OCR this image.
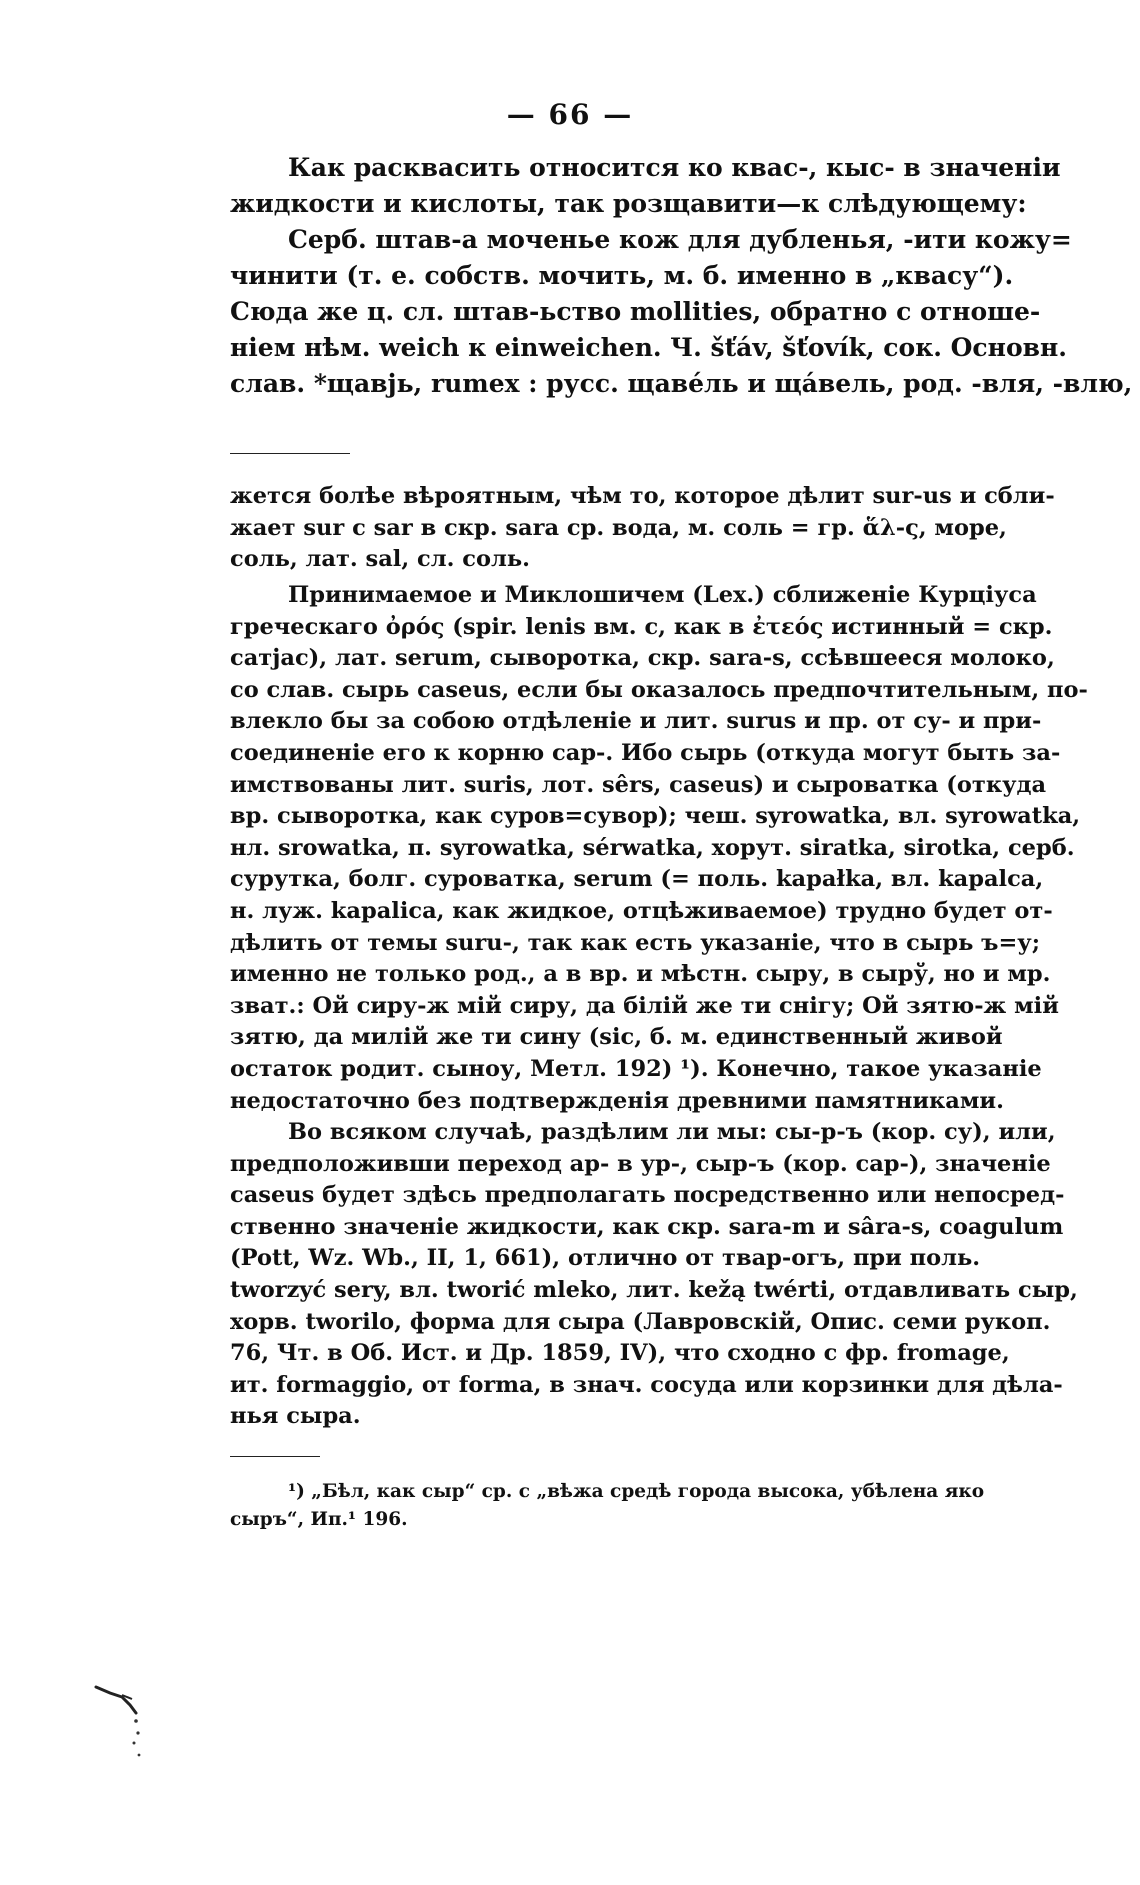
— 66 —
Как расквасить относится ко квас-, кыс- в значеніи
жидкости и кислоты, так розщавити—к слѣдующему:
Серб. штав-а моченье кож для дубленья, -ити кожу=
чинити (т. е. собств. мочить, м. б. именно в „квасу“).
Сюда же ц. сл. штав-ьство mollities, обратно с отноше-
ніем нѣм. weich к einweichen. Ч. šťáv, šťovík, сок. Основн.
слав. *щавјь, rumex : русс. щавéль и щáвель, род. -вля, -влю,
жется болѣе вѣроятным, чѣм то, которое дѣлит sur-us и сбли-
жает sur с sar в скр. sara ср. вода, м. соль = гр. ἅλ-ς, море,
соль, лат. sal, сл. соль.
Принимаемое и Миклошичем (Lex.) сближеніе Курціуса
греческаго ὀρός (spir. lenis вм. с, как в ἐτεός истинный = скр.
сатјас), лат. serum, сыворотка, скр. sara-s, ссѣвшееся молоко,
со слав. сырь caseus, если бы оказалось предпочтительным, по-
влекло бы за собою отдѣленіе и лит. surus и пр. от су- и при-
соединеніе его к корню сар-. Ибо сырь (откуда могут быть за-
имствованы лит. suris, лот. sêrs, caseus) и сыроватка (откуда
вр. сыворотка, как суров=сувор); чеш. syrowatka, вл. syrowatka,
нл. srowatka, п. syrowatka, sérwatka, хорут. siratka, sirotka, серб.
сурутка, болг. суроватка, serum (= поль. kapałka, вл. kapalca,
н. луж. kapalica, как жидкое, отцѣживаемое) трудно будет от-
дѣлить от темы suru-, так как есть указаніе, что в сырь ъ=у;
именно не только род., а в вр. и мѣстн. сыру, в сырў, но и мр.
зват.: Ой сиру-ж мій сиру, да білій же ти снігу; Ой зятю-ж мій
зятю, да милій же ти сину (sic, б. м. единственный живой
остаток родит. сыноу, Метл. 192) ¹). Конечно, такое указаніе
недостаточно без подтвержденія древними памятниками.
Во всяком случаѣ, раздѣлим ли мы: сы-р-ъ (кор. су), или,
предположивши переход ар- в ур-, сыр-ъ (кор. сар-), значеніе
caseus будет здѣсь предполагать посредственно или непосред-
ственно значеніе жидкости, как скр. sara-m и sâra-s, coagulum
(Pott, Wz. Wb., II, 1, 661), отлично от твар-огъ, при поль.
tworzyć sery, вл. tworić mleko, лит. kežą twérti, отдавливать сыр,
хорв. tworilo, форма для сыра (Лавровскій, Опис. семи рукоп.
76, Чт. в Об. Ист. и Др. 1859, IV), что сходно с фр. fromage,
ит. formaggio, от forma, в знач. сосуда или корзинки для дѣла-
нья сыра.
¹) „Бѣл, как сыр“ ср. с „вѣжа средѣ города высока, убѣлена яко
сыръ“, Ип.¹ 196.
